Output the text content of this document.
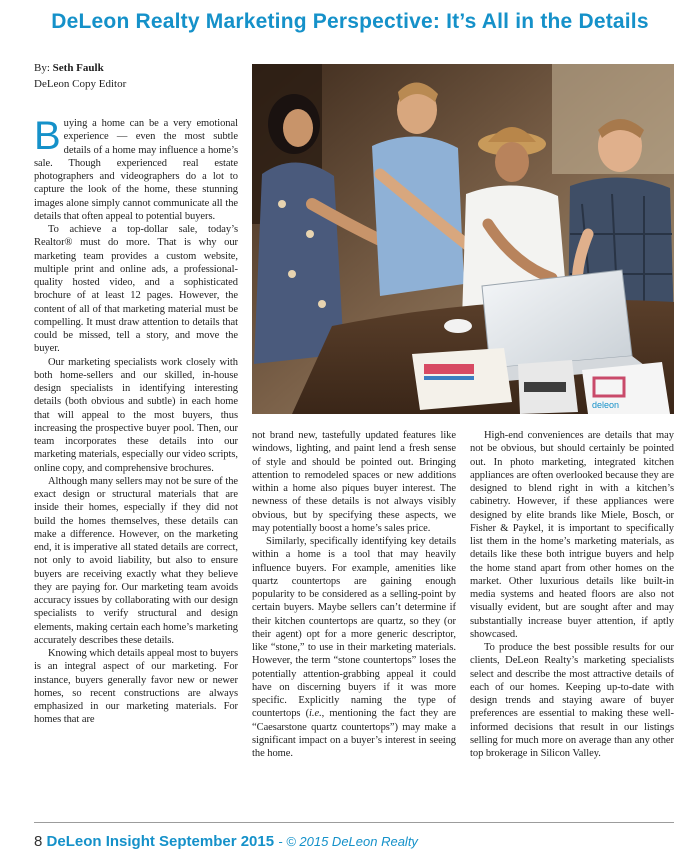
DeLeon Realty Marketing Perspective: It’s All in the Details
By: Seth Faulk
DeLeon Copy Editor
deleon

Buying a home can be a very emotional experience — even the most subtle details of a home may influence a home’s sale. Though experienced real estate photographers and videographers do a lot to capture the look of the home, these stunning images alone simply cannot communicate all the details that often appeal to potential buyers.

To achieve a top-dollar sale, today’s Realtor® must do more. That is why our marketing team provides a custom website, multiple print and online ads, a professional-quality hosted video, and a sophisticated brochure of at least 12 pages. However, the content of all of that marketing material must be compelling. It must draw attention to details that could be missed, tell a story, and move the buyer.

Our marketing specialists work closely with both home-sellers and our skilled, in-house design specialists in identifying interesting details (both obvious and subtle) in each home that will appeal to the most buyers, thus increasing the prospective buyer pool. Then, our team incorporates these details into our marketing materials, especially our video scripts, online copy, and comprehensive brochures.

Although many sellers may not be sure of the exact design or structural materials that are inside their homes, especially if they did not build the homes themselves, these details can make a difference. However, on the marketing end, it is imperative all stated details are correct, not only to avoid liability, but also to ensure buyers are receiving exactly what they believe they are paying for. Our marketing team avoids accuracy issues by collaborating with our design specialists to verify structural and design elements, making certain each home’s marketing accurately describes these details.

Knowing which details appeal most to buyers is an integral aspect of our marketing. For instance, buyers generally favor new or newer homes, so recent constructions are always emphasized in our marketing materials. For homes that are

not brand new, tastefully updated features like windows, lighting, and paint lend a fresh sense of style and should be pointed out. Bringing attention to remodeled spaces or new additions within a home also piques buyer interest. The newness of these details is not always visibly obvious, but by specifying these aspects, we may potentially boost a home’s sales price.

Similarly, specifically identifying key details within a home is a tool that may heavily influence buyers. For example, amenities like quartz countertops are gaining enough popularity to be considered as a selling-point by certain buyers. Maybe sellers can’t determine if their kitchen countertops are quartz, so they (or their agent) opt for a more generic descriptor, like “stone,” to use in their marketing materials. However, the term “stone countertops” loses the potentially attention-grabbing appeal it could have on discerning buyers if it was more specific. Explicitly naming the type of countertops (i.e., mentioning the fact they are “Caesarstone quartz countertops”) may make a significant impact on a buyer’s interest in seeing the home.

High-end conveniences are details that may not be obvious, but should certainly be pointed out. In photo marketing, integrated kitchen appliances are often overlooked because they are designed to blend right in with a kitchen’s cabinetry. However, if these appliances were designed by elite brands like Miele, Bosch, or Fisher & Paykel, it is important to specifically list them in the home’s marketing materials, as details like these both intrigue buyers and help the home stand apart from other homes on the market. Other luxurious details like built-in media systems and heated floors are also not visually evident, but are sought after and may substantially increase buyer attention, if aptly showcased.

To produce the best possible results for our clients, DeLeon Realty’s marketing specialists select and describe the most attractive details of each of our homes. Keeping up-to-date with design trends and staying aware of buyer preferences are essential to making these well-informed decisions that result in our listings selling for much more on average than any other top brokerage in Silicon Valley.

8 DeLeon Insight September 2015 - © 2015 DeLeon Realty
